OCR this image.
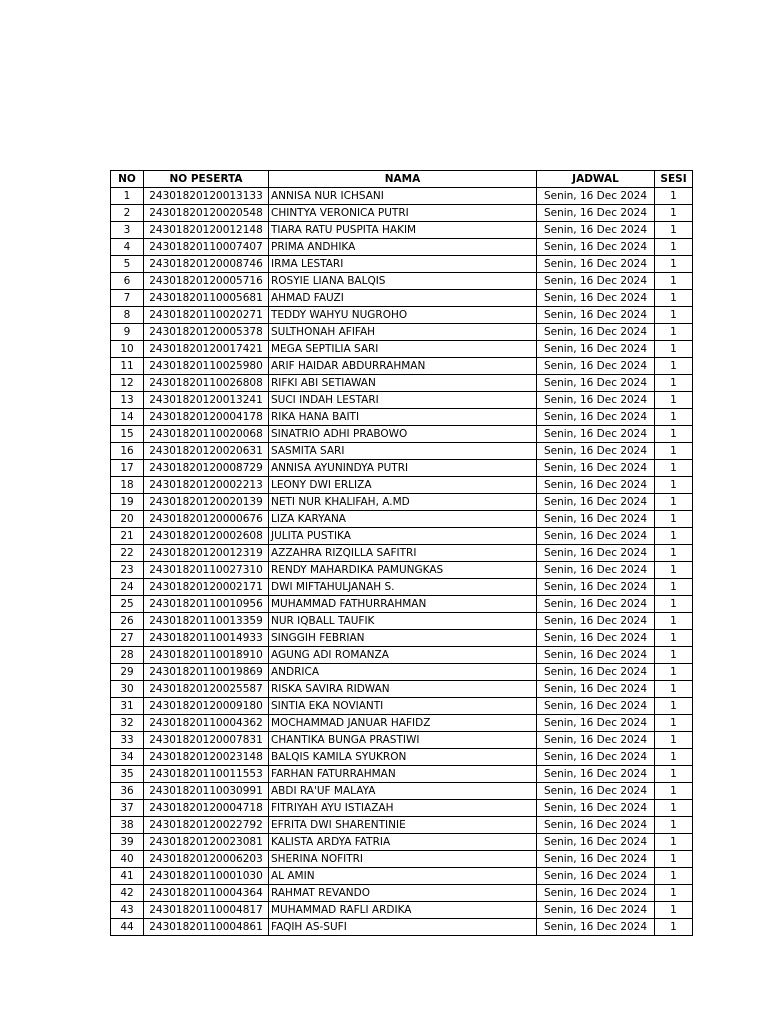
NO	NO PESERTA	NAMA	JADWAL	SESI
1	24301820120013133	ANNISA NUR ICHSANI	Senin, 16 Dec 2024	1
2	24301820120020548	CHINTYA VERONICA PUTRI	Senin, 16 Dec 2024	1
3	24301820120012148	TIARA RATU PUSPITA HAKIM	Senin, 16 Dec 2024	1
4	24301820110007407	PRIMA ANDHIKA	Senin, 16 Dec 2024	1
5	24301820120008746	IRMA LESTARI	Senin, 16 Dec 2024	1
6	24301820120005716	ROSYIE LIANA BALQIS	Senin, 16 Dec 2024	1
7	24301820110005681	AHMAD FAUZI	Senin, 16 Dec 2024	1
8	24301820110020271	TEDDY WAHYU NUGROHO	Senin, 16 Dec 2024	1
9	24301820120005378	SULTHONAH AFIFAH	Senin, 16 Dec 2024	1
10	24301820120017421	MEGA SEPTILIA SARI	Senin, 16 Dec 2024	1
11	24301820110025980	ARIF HAIDAR ABDURRAHMAN	Senin, 16 Dec 2024	1
12	24301820110026808	RIFKI ABI SETIAWAN	Senin, 16 Dec 2024	1
13	24301820120013241	SUCI INDAH LESTARI	Senin, 16 Dec 2024	1
14	24301820120004178	RIKA HANA BAITI	Senin, 16 Dec 2024	1
15	24301820110020068	SINATRIO ADHI PRABOWO	Senin, 16 Dec 2024	1
16	24301820120020631	SASMITA SARI	Senin, 16 Dec 2024	1
17	24301820120008729	ANNISA AYUNINDYA PUTRI	Senin, 16 Dec 2024	1
18	24301820120002213	LEONY DWI ERLIZA	Senin, 16 Dec 2024	1
19	24301820120020139	NETI NUR KHALIFAH, A.MD	Senin, 16 Dec 2024	1
20	24301820120000676	LIZA KARYANA	Senin, 16 Dec 2024	1
21	24301820120002608	JULITA PUSTIKA	Senin, 16 Dec 2024	1
22	24301820120012319	AZZAHRA RIZQILLA SAFITRI	Senin, 16 Dec 2024	1
23	24301820110027310	RENDY MAHARDIKA PAMUNGKAS	Senin, 16 Dec 2024	1
24	24301820120002171	DWI MIFTAHULJANAH S.	Senin, 16 Dec 2024	1
25	24301820110010956	MUHAMMAD FATHURRAHMAN	Senin, 16 Dec 2024	1
26	24301820110013359	NUR IQBALL TAUFIK	Senin, 16 Dec 2024	1
27	24301820110014933	SINGGIH FEBRIAN	Senin, 16 Dec 2024	1
28	24301820110018910	AGUNG ADI ROMANZA	Senin, 16 Dec 2024	1
29	24301820110019869	ANDRICA	Senin, 16 Dec 2024	1
30	24301820120025587	RISKA SAVIRA RIDWAN	Senin, 16 Dec 2024	1
31	24301820120009180	SINTIA EKA NOVIANTI	Senin, 16 Dec 2024	1
32	24301820110004362	MOCHAMMAD JANUAR HAFIDZ	Senin, 16 Dec 2024	1
33	24301820120007831	CHANTIKA BUNGA PRASTIWI	Senin, 16 Dec 2024	1
34	24301820120023148	BALQIS KAMILA SYUKRON	Senin, 16 Dec 2024	1
35	24301820110011553	FARHAN FATURRAHMAN	Senin, 16 Dec 2024	1
36	24301820110030991	ABDI RA'UF MALAYA	Senin, 16 Dec 2024	1
37	24301820120004718	FITRIYAH AYU ISTIAZAH	Senin, 16 Dec 2024	1
38	24301820120022792	EFRITA DWI SHARENTINIE	Senin, 16 Dec 2024	1
39	24301820120023081	KALISTA ARDYA FATRIA	Senin, 16 Dec 2024	1
40	24301820120006203	SHERINA NOFITRI	Senin, 16 Dec 2024	1
41	24301820110001030	AL AMIN	Senin, 16 Dec 2024	1
42	24301820110004364	RAHMAT REVANDO	Senin, 16 Dec 2024	1
43	24301820110004817	MUHAMMAD RAFLI ARDIKA	Senin, 16 Dec 2024	1
44	24301820110004861	FAQIH AS-SUFI	Senin, 16 Dec 2024	1
